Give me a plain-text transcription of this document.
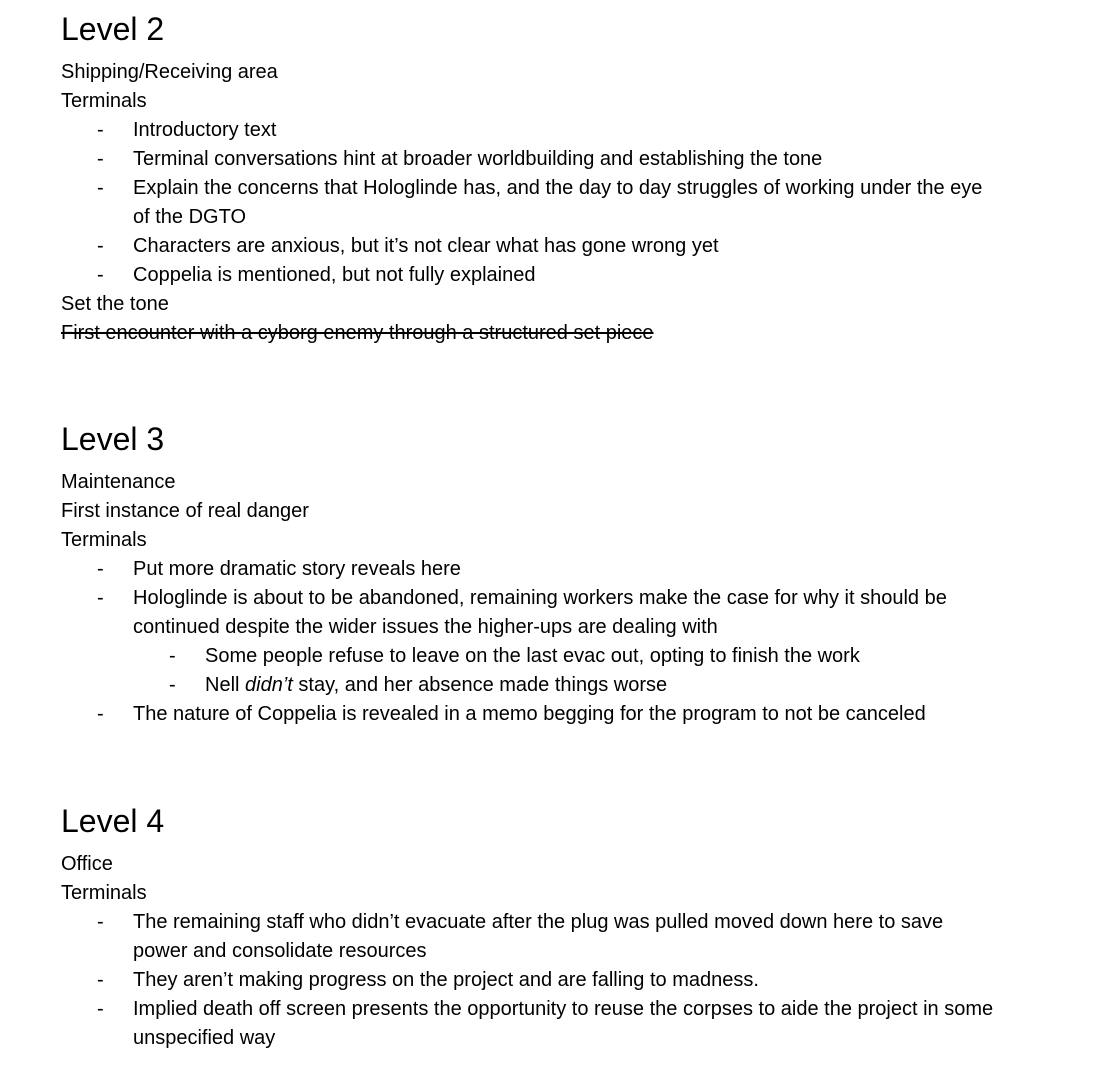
Level 2

Shipping/Receiving area

Terminals

- Introductory text
- Terminal conversations hint at broader worldbuilding and establishing the tone
- Explain the concerns that Hologlinde has, and the day to day struggles of working under the eye of the DGTO
- Characters are anxious, but it’s not clear what has gone wrong yet
- Coppelia is mentioned, but not fully explained

Set the tone

First encounter with a cyborg enemy through a structured set piece

Level 3

Maintenance

First instance of real danger

Terminals

- Put more dramatic story reveals here
- Hologlinde is about to be abandoned, remaining workers make the case for why it should be continued despite the wider issues the higher-ups are dealing with
- Some people refuse to leave on the last evac out, opting to finish the work
- Nell didn’t stay, and her absence made things worse
- The nature of Coppelia is revealed in a memo begging for the program to not be canceled
Level 4

Office

Terminals

- The remaining staff who didn’t evacuate after the plug was pulled moved down here to save power and consolidate resources
- They aren’t making progress on the project and are falling to madness.
- Implied death off screen presents the opportunity to reuse the corpses to aide the project in some unspecified way
